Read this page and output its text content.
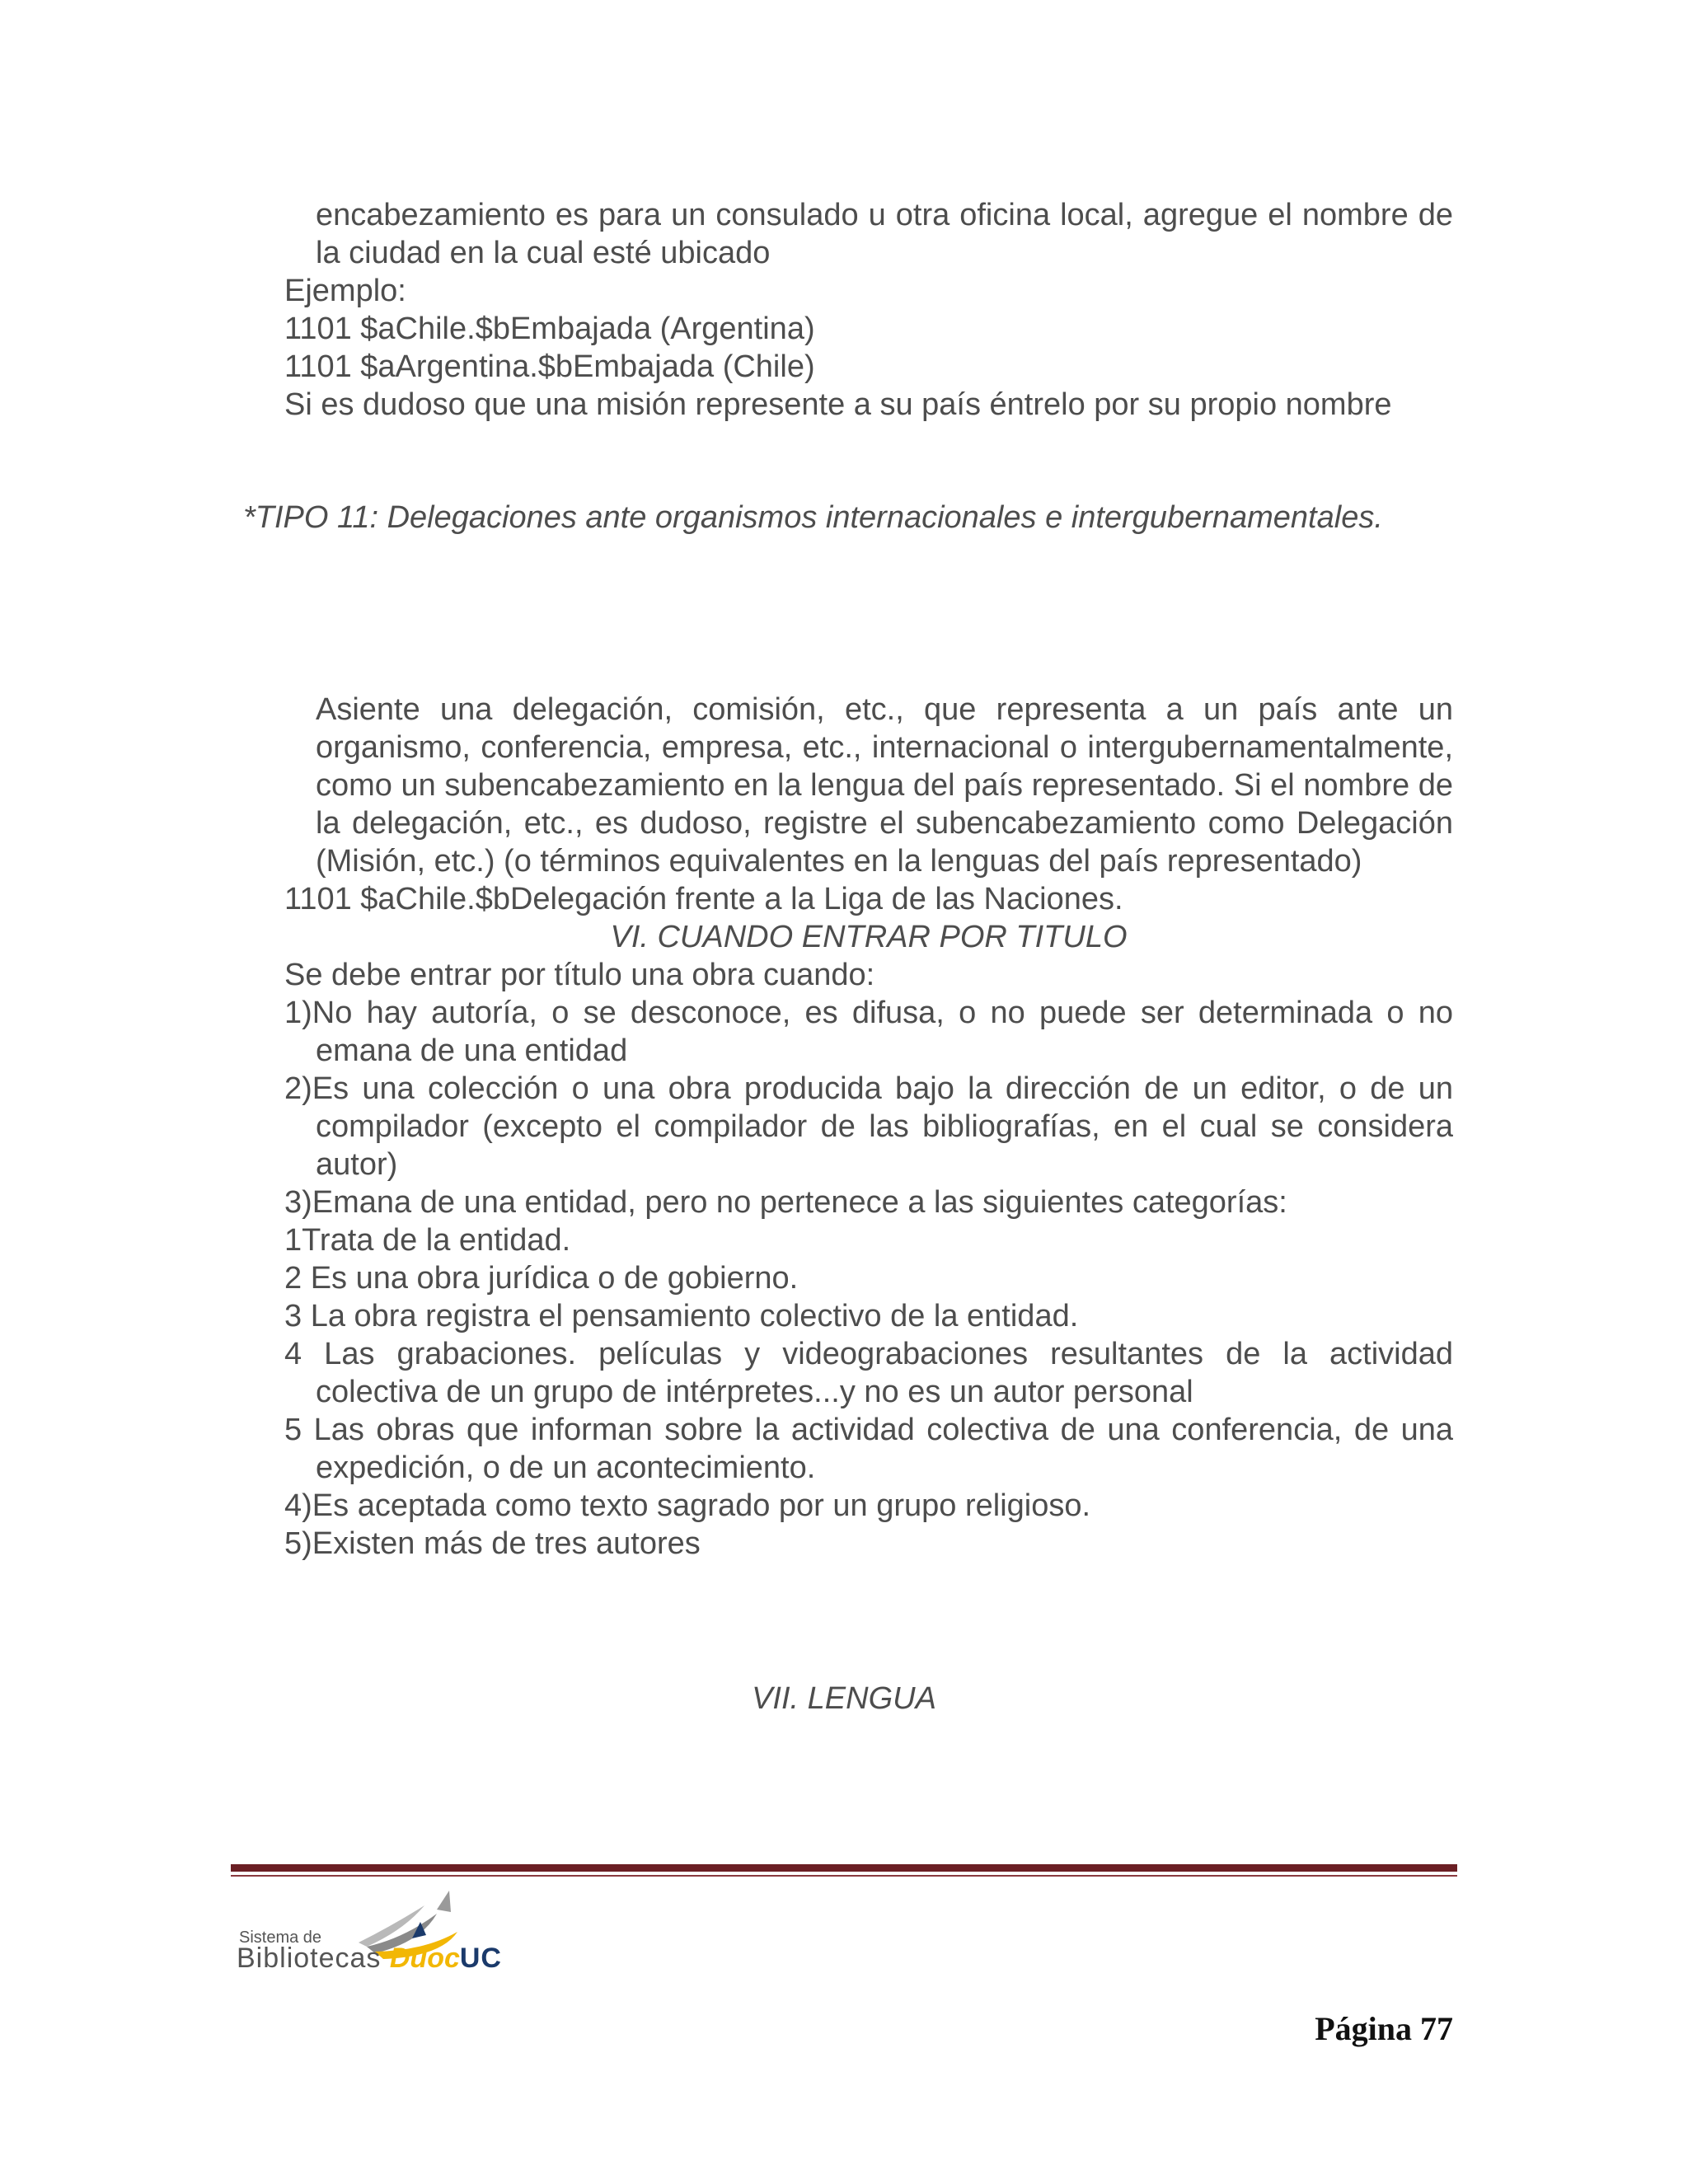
encabezamiento es para un consulado u otra oficina local, agregue el nombre de la ciudad en la cual esté ubicado

Ejemplo:

1101 $aChile.$bEmbajada (Argentina)

1101 $aArgentina.$bEmbajada (Chile)

Si es dudoso que una misión represente a su país éntrelo por su propio nombre

*TIPO 11: Delegaciones ante organismos internacionales e intergubernamentales.

Asiente una delegación, comisión, etc., que representa a un país ante un organismo, conferencia, empresa, etc., internacional o intergubernamentalmente, como un subencabezamiento en la lengua del país representado. Si el nombre de la delegación, etc., es dudoso, registre el subencabezamiento como Delegación (Misión, etc.) (o términos equivalentes en la lenguas del país representado)

1101 $aChile.$bDelegación frente a la Liga de las Naciones.

VI. CUANDO ENTRAR POR TITULO

Se debe entrar por título una obra cuando:

1)No hay autoría, o se desconoce, es difusa, o no puede ser determinada o no emana de una entidad

2)Es una colección o una obra producida bajo la dirección de un editor, o de un compilador (excepto el compilador de las bibliografías, en el cual se considera autor)

3)Emana de una entidad, pero no pertenece a las siguientes categorías:

1Trata de la entidad.

2 Es una obra jurídica o de gobierno.

3 La obra registra el pensamiento colectivo de la entidad.

4 Las grabaciones. películas y videograbaciones resultantes de la actividad colectiva de un grupo de intérpretes...y no es un autor personal

5 Las obras que informan sobre la actividad colectiva de una conferencia, de una expedición, o de un acontecimiento.

4)Es aceptada como texto sagrado por un grupo religioso.

5)Existen más de tres autores

VII. LENGUA
Sistema de
Bibliotecas DuocUC
Página 77
